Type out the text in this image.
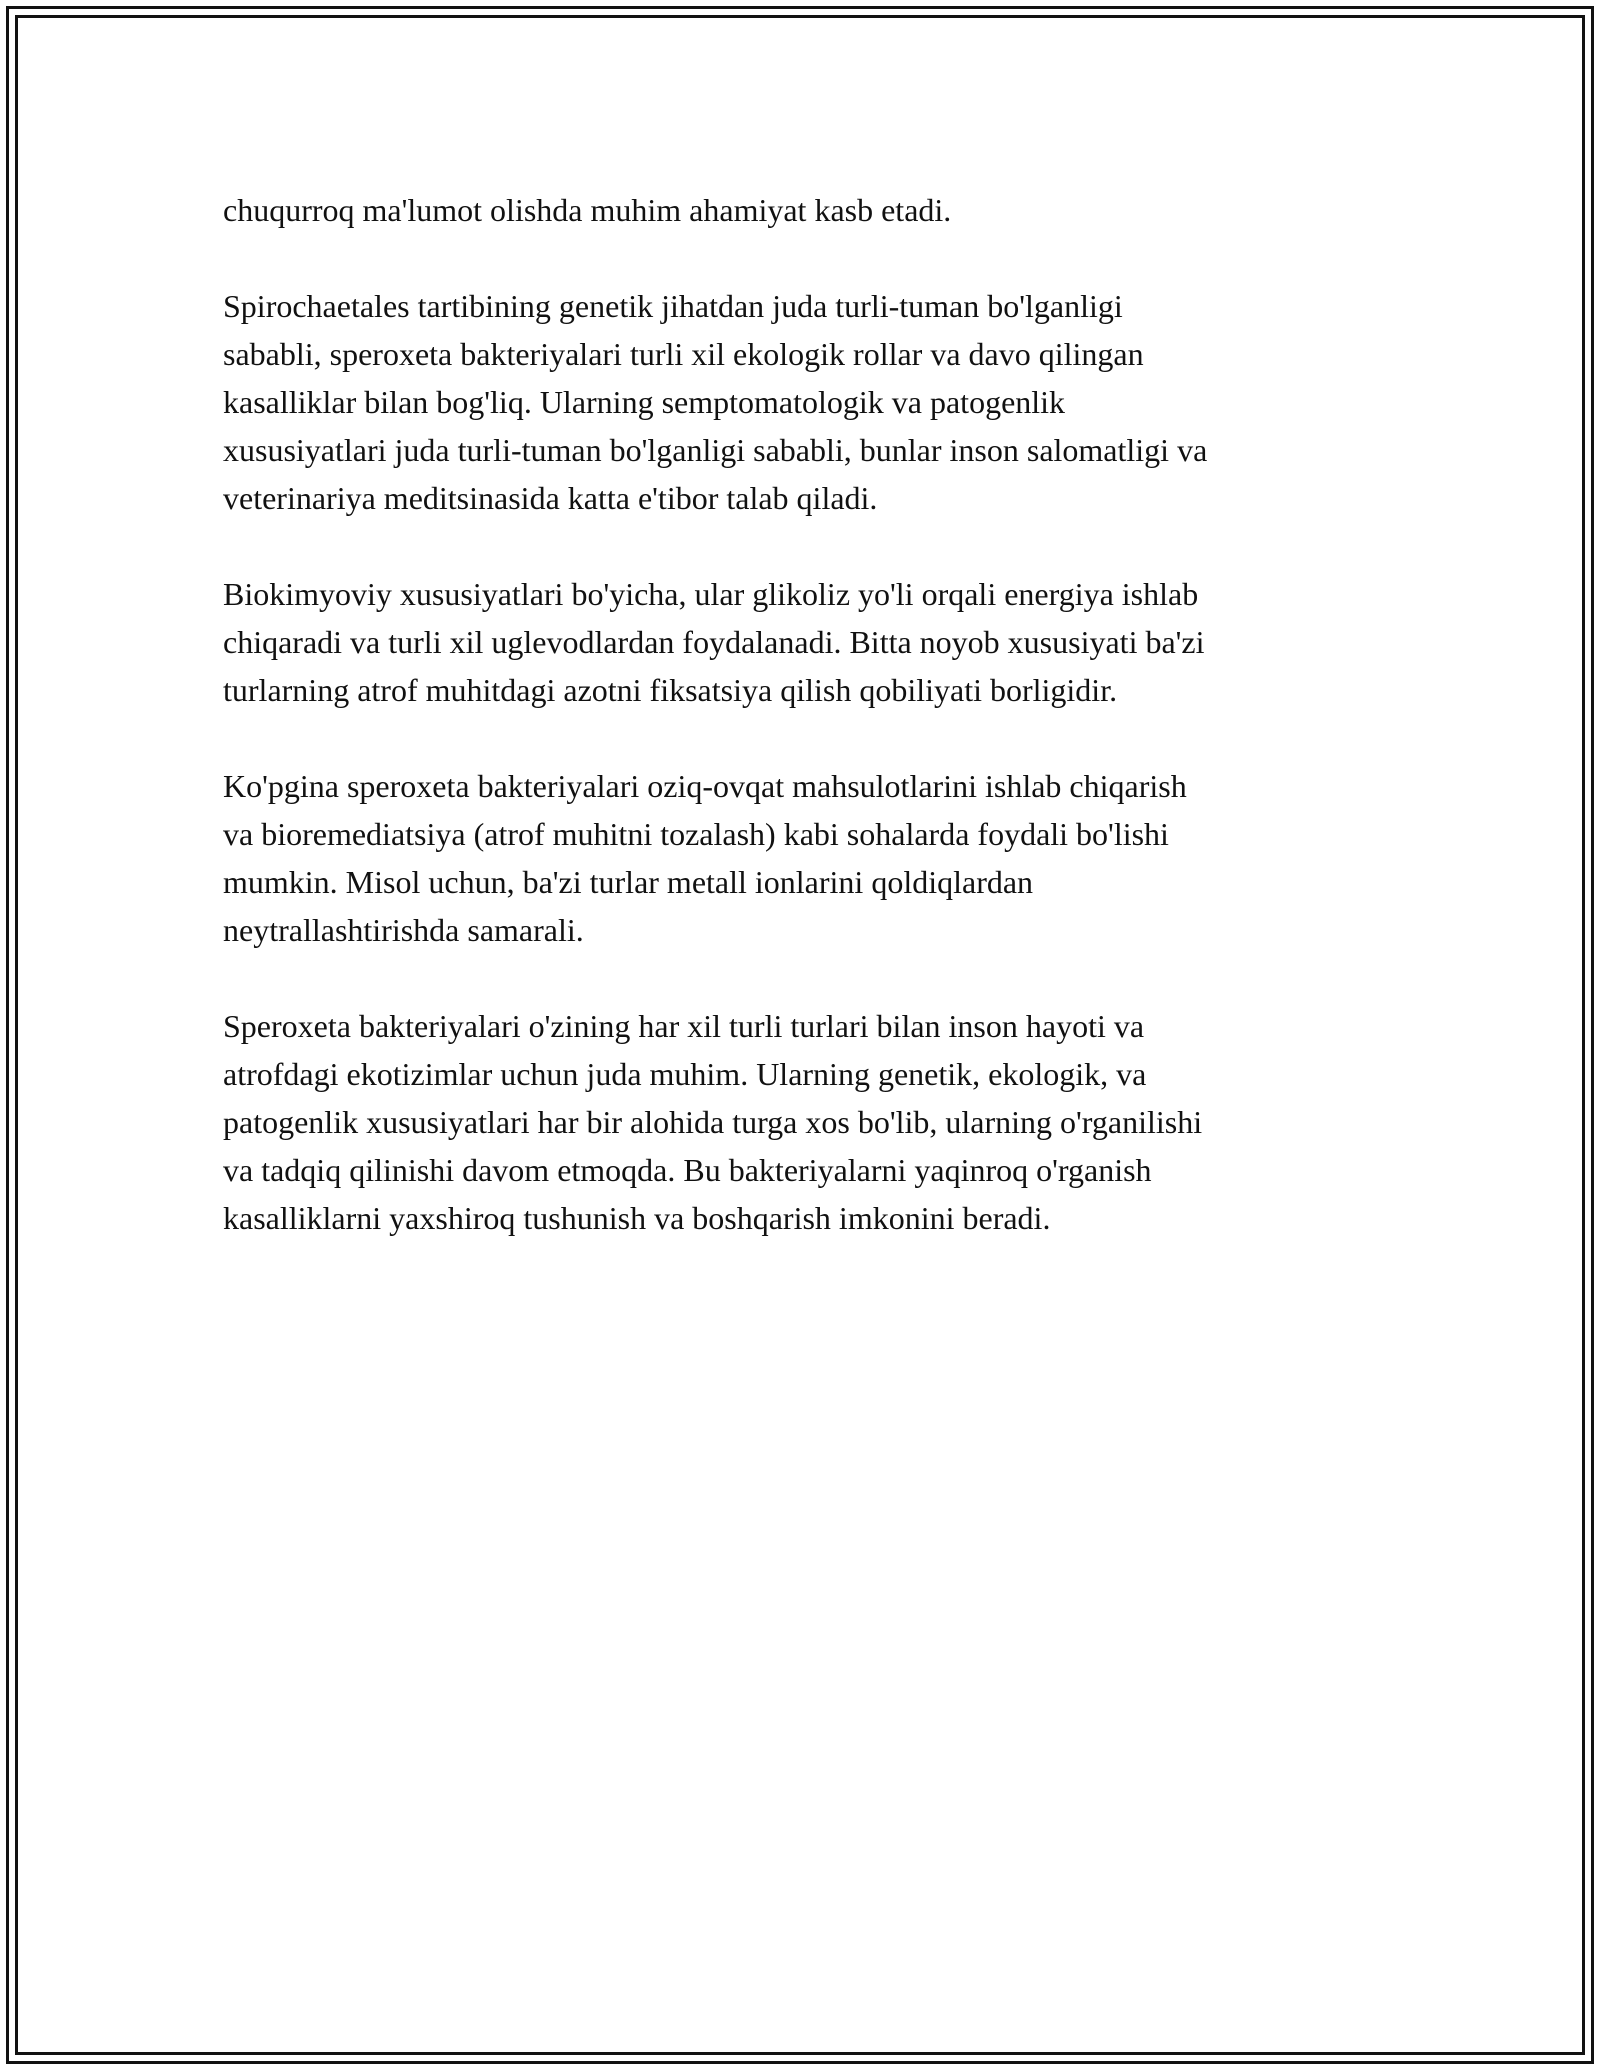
chuqurroq ma'lumot olishda muhim ahamiyat kasb etadi.

Spirochaetales tartibining genetik jihatdan juda turli-tuman bo'lganligi
sababli, speroxeta bakteriyalari turli xil ekologik rollar va davo qilingan
kasalliklar bilan bog'liq. Ularning semptomatologik va patogenlik
xususiyatlari juda turli-tuman bo'lganligi sababli, bunlar inson salomatligi va
veterinariya meditsinasida katta e'tibor talab qiladi.

Biokimyoviy xususiyatlari bo'yicha, ular glikoliz yo'li orqali energiya ishlab
chiqaradi va turli xil uglevodlardan foydalanadi. Bitta noyob xususiyati ba'zi
turlarning atrof muhitdagi azotni fiksatsiya qilish qobiliyati borligidir.

Ko'pgina speroxeta bakteriyalari oziq-ovqat mahsulotlarini ishlab chiqarish
va bioremediatsiya (atrof muhitni tozalash) kabi sohalarda foydali bo'lishi
mumkin. Misol uchun, ba'zi turlar metall ionlarini qoldiqlardan
neytrallashtirishda samarali.

Speroxeta bakteriyalari o'zining har xil turli turlari bilan inson hayoti va
atrofdagi ekotizimlar uchun juda muhim. Ularning genetik, ekologik, va
patogenlik xususiyatlari har bir alohida turga xos bo'lib, ularning o'rganilishi
va tadqiq qilinishi davom etmoqda. Bu bakteriyalarni yaqinroq o'rganish
kasalliklarni yaxshiroq tushunish va boshqarish imkonini beradi.
